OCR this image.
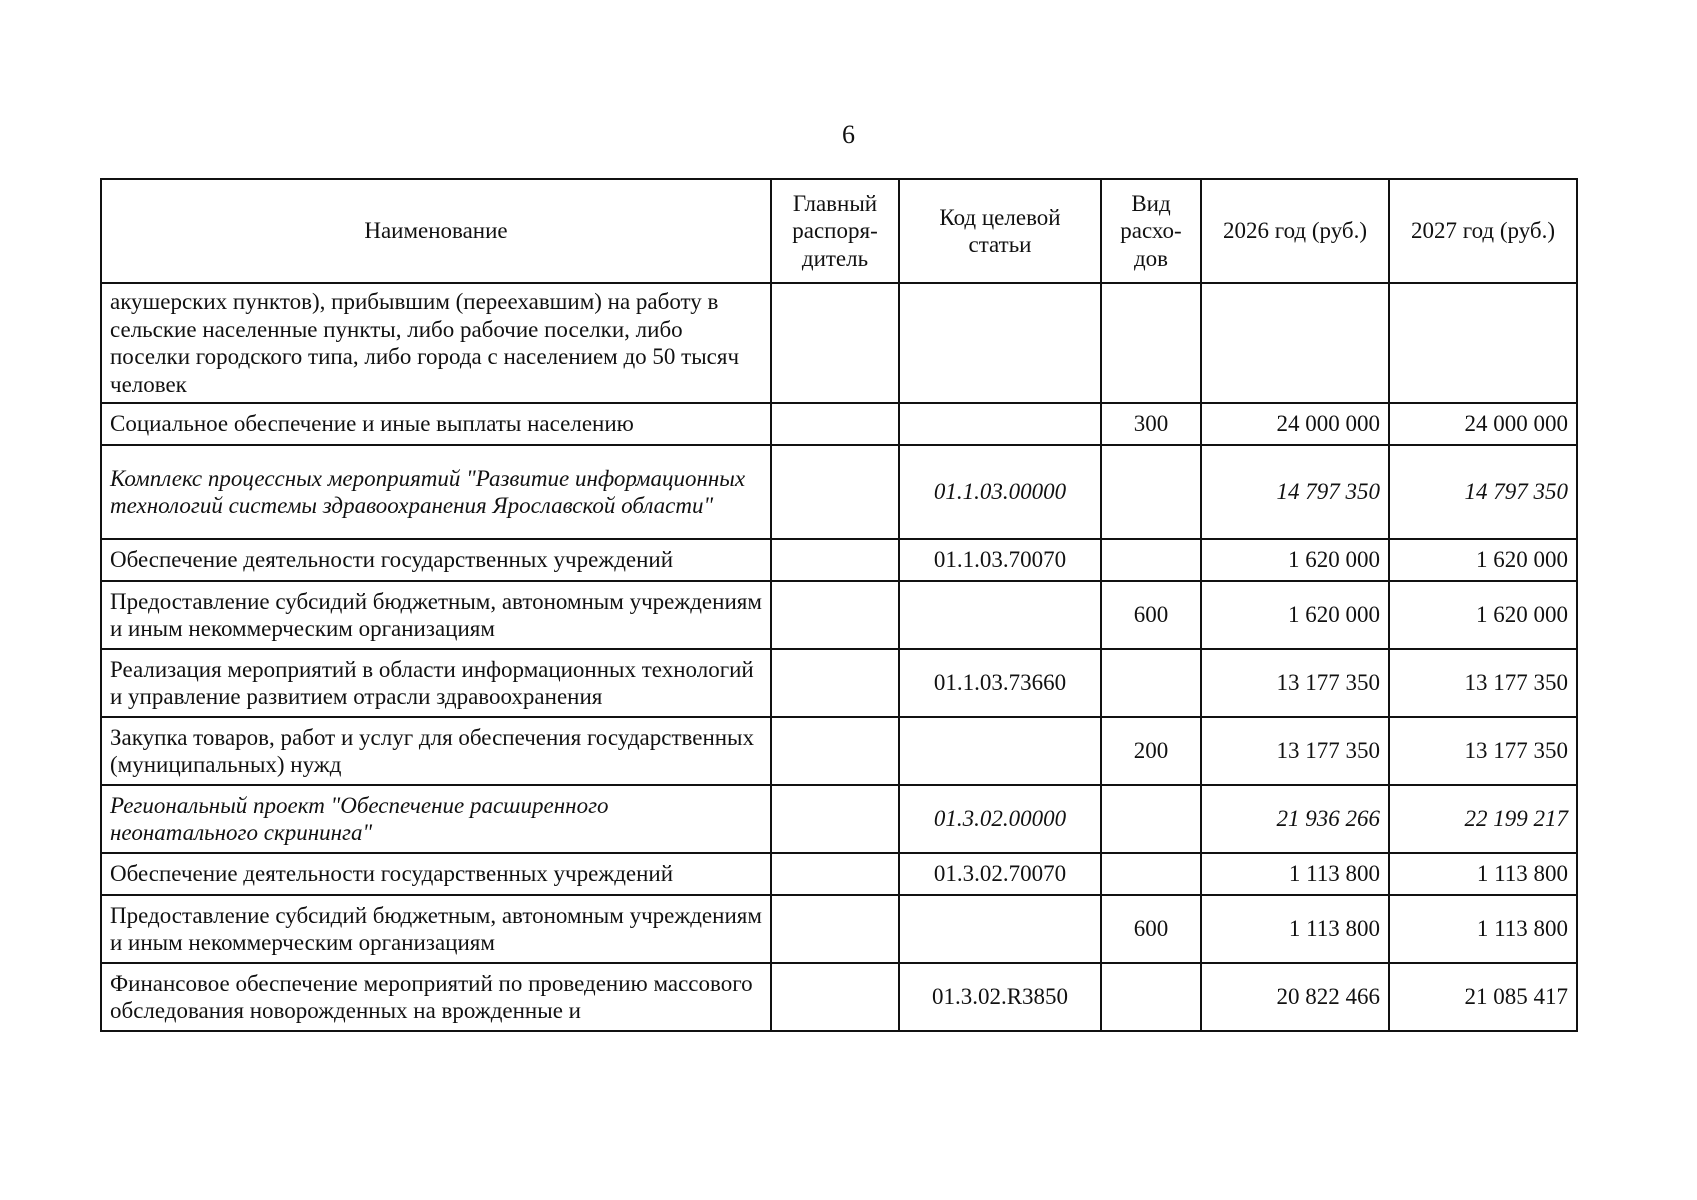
6
Наименование	Главный распоря-дитель	Код целевой статьи	Вид расхо-дов	2026 год (руб.)	2027 год (руб.)
акушерских пунктов), прибывшим (переехавшим) на работу в сельские населенные пункты, либо рабочие поселки, либо поселки городского типа, либо города с населением до 50 тысяч человек					
Социальное обеспечение и иные выплаты населению			300	24 000 000	24 000 000
Комплекс процессных мероприятий "Развитие информационных технологий системы здравоохранения Ярославской области"		01.1.03.00000		14 797 350	14 797 350
Обеспечение деятельности государственных учреждений		01.1.03.70070		1 620 000	1 620 000
Предоставление субсидий бюджетным, автономным учреждениям и иным некоммерческим организациям			600	1 620 000	1 620 000
Реализация мероприятий в области информационных технологий и управление развитием отрасли здравоохранения		01.1.03.73660		13 177 350	13 177 350
Закупка товаров, работ и услуг для обеспечения государственных (муниципальных) нужд			200	13 177 350	13 177 350
Региональный проект "Обеспечение расширенного неонатального скрининга"		01.3.02.00000		21 936 266	22 199 217
Обеспечение деятельности государственных учреждений		01.3.02.70070		1 113 800	1 113 800
Предоставление субсидий бюджетным, автономным учреждениям и иным некоммерческим организациям			600	1 113 800	1 113 800
Финансовое обеспечение мероприятий по проведению массового обследования новорожденных на врожденные и		01.3.02.R3850		20 822 466	21 085 417
